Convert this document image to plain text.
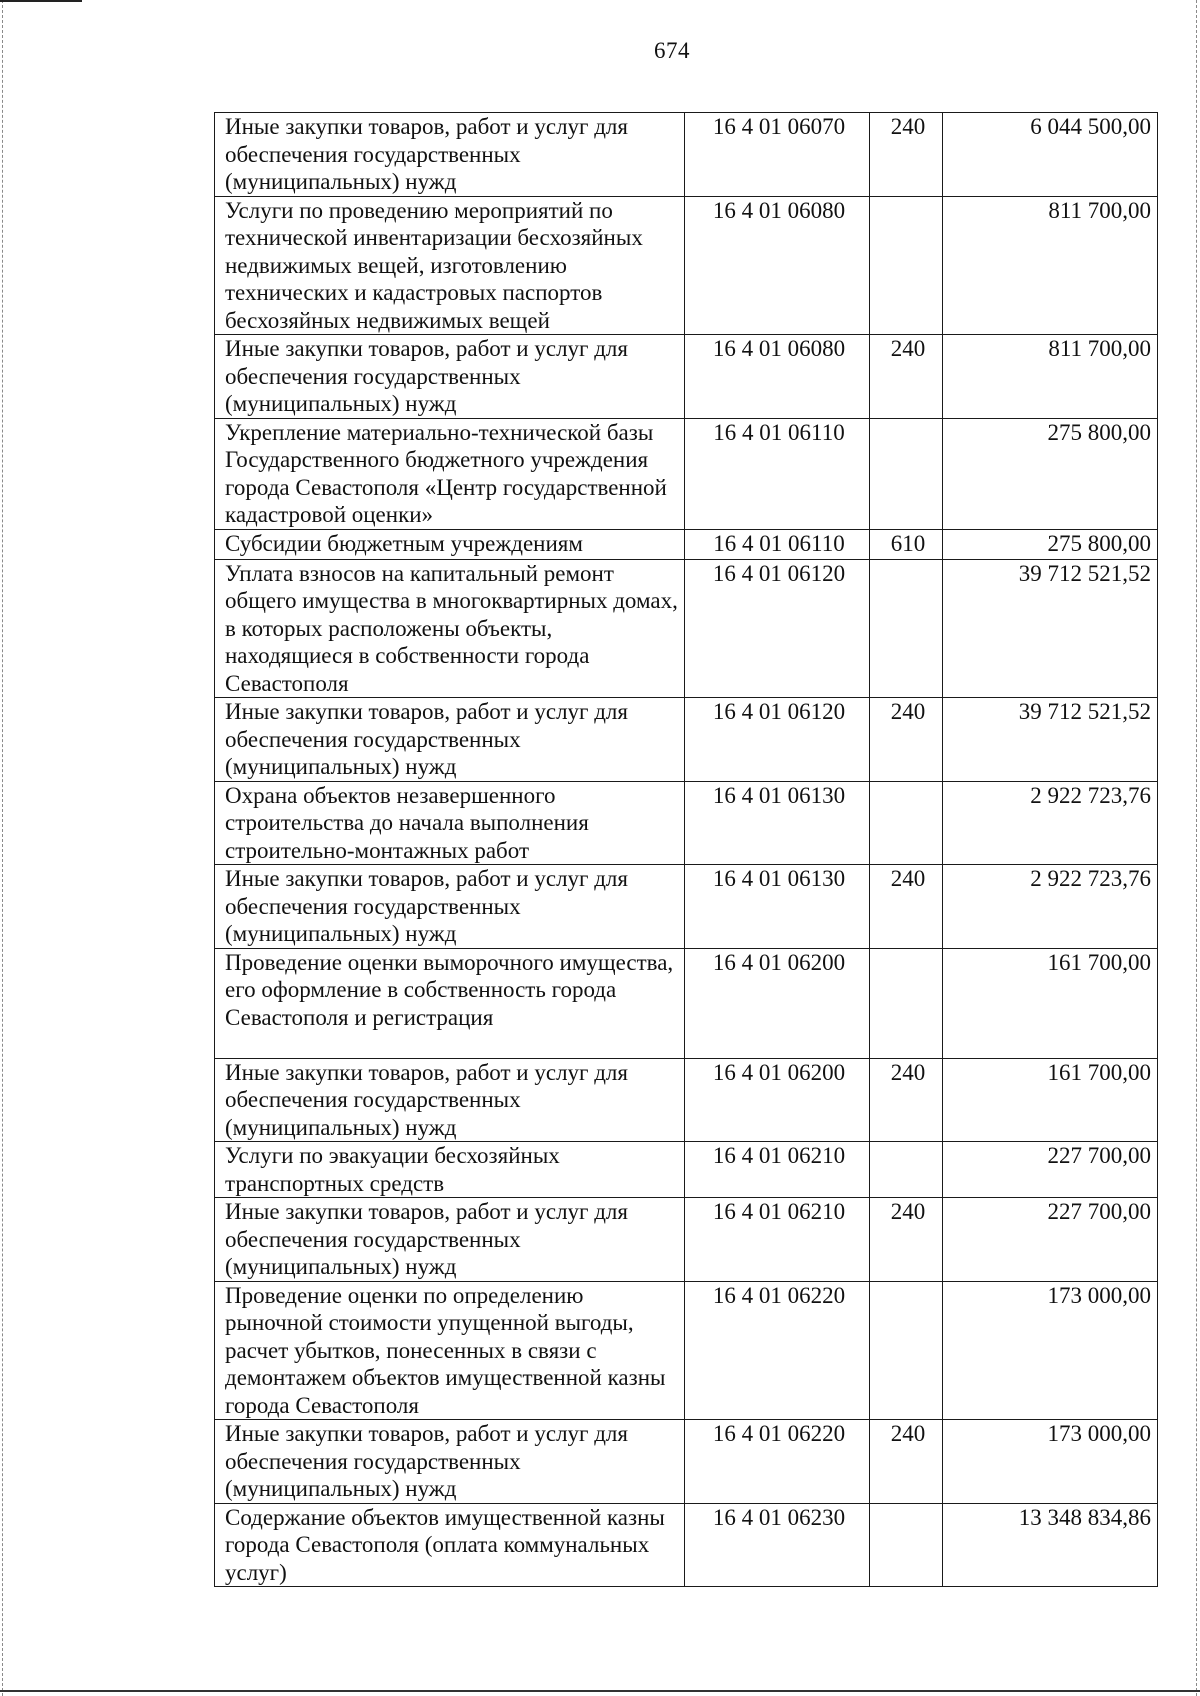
674
Иные закупки товаров, работ и услуг для обеспечения государственных (муниципальных) нужд	16 4 01 06070	240	6 044 500,00
Услуги по проведению мероприятий по технической инвентаризации бесхозяйных недвижимых вещей, изготовлению технических и кадастровых паспортов бесхозяйных недвижимых вещей	16 4 01 06080		811 700,00
Иные закупки товаров, работ и услуг для обеспечения государственных (муниципальных) нужд	16 4 01 06080	240	811 700,00
Укрепление материально-технической базы Государственного бюджетного учреждения города Севастополя «Центр государственной кадастровой оценки»	16 4 01 06110		275 800,00
Субсидии бюджетным учреждениям	16 4 01 06110	610	275 800,00
Уплата взносов на капитальный ремонт общего имущества в многоквартирных домах, в которых расположены объекты, находящиеся в собственности города Севастополя	16 4 01 06120		39 712 521,52
Иные закупки товаров, работ и услуг для обеспечения государственных (муниципальных) нужд	16 4 01 06120	240	39 712 521,52
Охрана объектов незавершенного строительства до начала выполнения строительно-монтажных работ	16 4 01 06130		2 922 723,76
Иные закупки товаров, работ и услуг для обеспечения государственных (муниципальных) нужд	16 4 01 06130	240	2 922 723,76
Проведение оценки выморочного имущества, его оформление в собственность города Севастополя и регистрация	16 4 01 06200		161 700,00
Иные закупки товаров, работ и услуг для обеспечения государственных (муниципальных) нужд	16 4 01 06200	240	161 700,00
Услуги по эвакуации бесхозяйных транспортных средств	16 4 01 06210		227 700,00
Иные закупки товаров, работ и услуг для обеспечения государственных (муниципальных) нужд	16 4 01 06210	240	227 700,00
Проведение оценки по определению рыночной стоимости упущенной выгоды, расчет убытков, понесенных в связи с демонтажем объектов имущественной казны города Севастополя	16 4 01 06220		173 000,00
Иные закупки товаров, работ и услуг для обеспечения государственных (муниципальных) нужд	16 4 01 06220	240	173 000,00
Содержание объектов имущественной казны города Севастополя (оплата коммунальных услуг)	16 4 01 06230		13 348 834,86
